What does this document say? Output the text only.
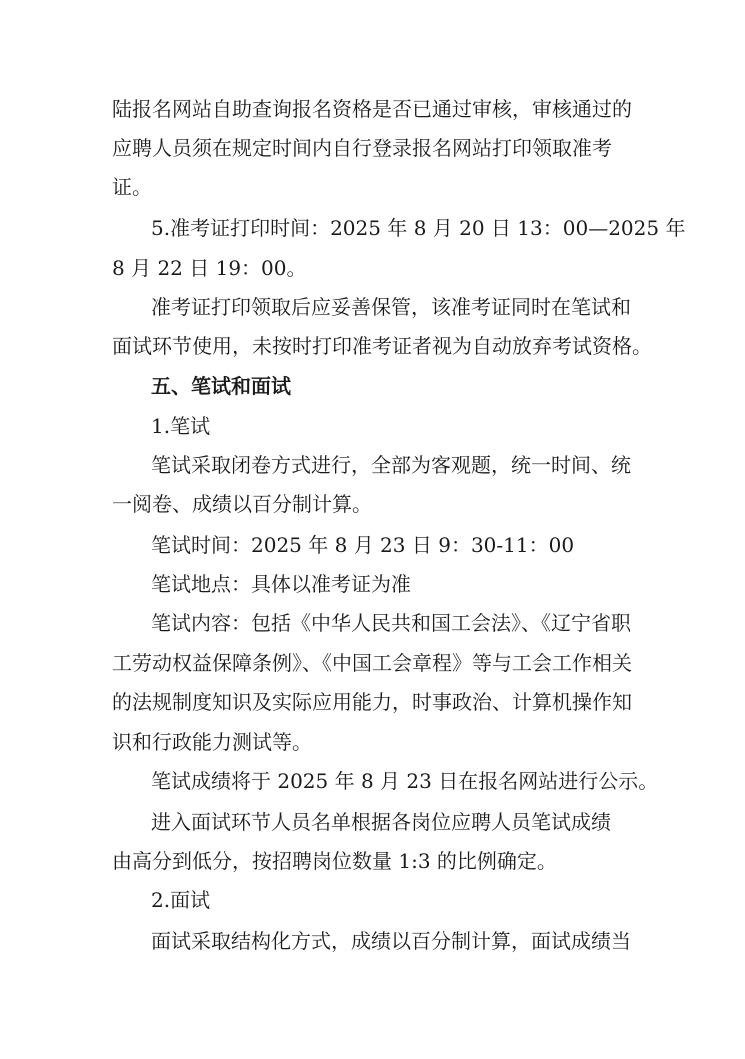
陆报名网站自助查询报名资格是否已通过审核，审核通过的
应聘人员须在规定时间内自行登录报名网站打印领取准考
证。
5.准考证打印时间：2025 年 8 月 20 日 13：00—2025 年
8 月 22 日 19：00。
准考证打印领取后应妥善保管，该准考证同时在笔试和
面试环节使用，未按时打印准考证者视为自动放弃考试资格。
五、笔试和面试
1.笔试
笔试采取闭卷方式进行，全部为客观题，统一时间、统
一阅卷、成绩以百分制计算。
笔试时间：2025 年 8 月 23 日 9：30-11：00
笔试地点：具体以准考证为准
笔试内容：包括《中华人民共和国工会法》、《辽宁省职
工劳动权益保障条例》、《中国工会章程》等与工会工作相关
的法规制度知识及实际应用能力，时事政治、计算机操作知
识和行政能力测试等。
笔试成绩将于 2025 年 8 月 23 日在报名网站进行公示。
进入面试环节人员名单根据各岗位应聘人员笔试成绩
由高分到低分，按招聘岗位数量 1:3 的比例确定。
2.面试
面试采取结构化方式，成绩以百分制计算，面试成绩当
